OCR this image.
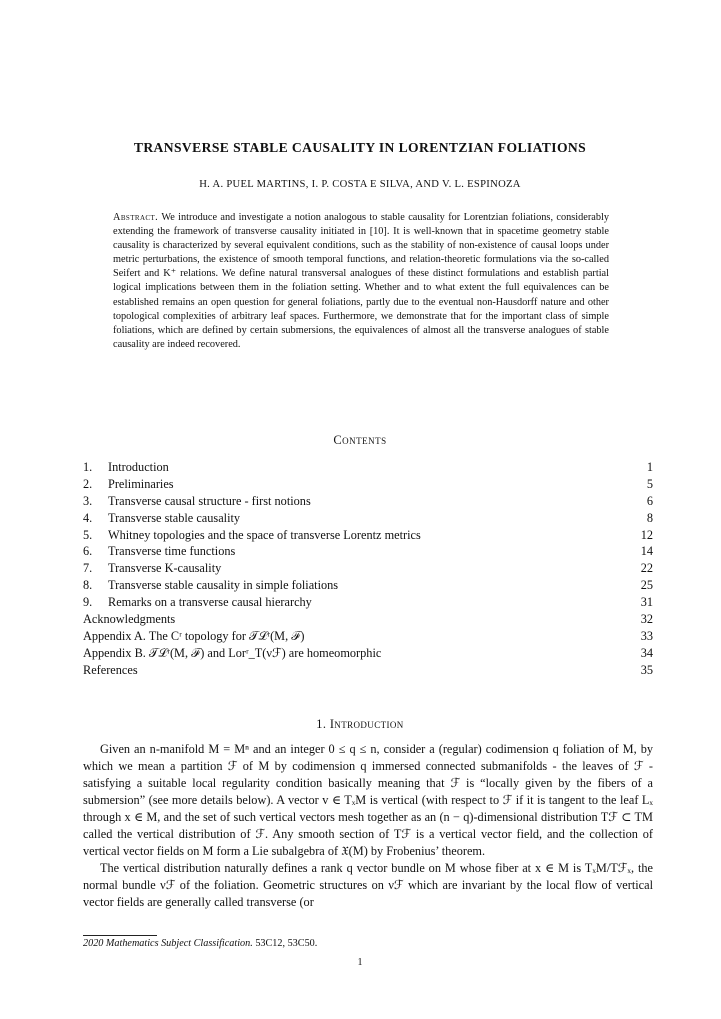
TRANSVERSE STABLE CAUSALITY IN LORENTZIAN FOLIATIONS
H. A. PUEL MARTINS, I. P. COSTA E SILVA, AND V. L. ESPINOZA
Abstract. We introduce and investigate a notion analogous to stable causality for Lorentzian foliations, considerably extending the framework of transverse causality initiated in [10]. It is well-known that in spacetime geometry stable causality is characterized by several equivalent conditions, such as the stability of non-existence of causal loops under metric perturbations, the existence of smooth temporal functions, and relation-theoretic formulations via the so-called Seifert and K⁺ relations. We define natural transversal analogues of these distinct formulations and establish partial logical implications between them in the foliation setting. Whether and to what extent the full equivalences can be established remains an open question for general foliations, partly due to the eventual non-Hausdorff nature and other topological complexities of arbitrary leaf spaces. Furthermore, we demonstrate that for the important class of simple foliations, which are defined by certain submersions, the equivalences of almost all the transverse analogues of stable causality are indeed recovered.
Contents
1. Introduction	1
2. Preliminaries	5
3. Transverse causal structure - first notions	6
4. Transverse stable causality	8
5. Whitney topologies and the space of transverse Lorentz metrics	12
6. Transverse time functions	14
7. Transverse K-causality	22
8. Transverse stable causality in simple foliations	25
9. Remarks on a transverse causal hierarchy	31
Acknowledgments	32
Appendix A. The Cʳ topology for 𝒯ℒʳ(M, ℱ)	33
Appendix B. 𝒯ℒʳ(M, ℱ) and Lorʳ_T(νℱ) are homeomorphic	34
References	35
1. Introduction

Given an n-manifold M = Mⁿ and an integer 0 ≤ q ≤ n, consider a (regular) codimension q foliation of M, by which we mean a partition ℱ of M by codimension q immersed connected submanifolds - the leaves of ℱ - satisfying a suitable local regularity condition basically meaning that ℱ is “locally given by the fibers of a submersion” (see more details below). A vector v ∈ TₓM is vertical (with respect to ℱ if it is tangent to the leaf Lₓ through x ∈ M, and the set of such vertical vectors mesh together as an (n − q)-dimensional distribution Tℱ ⊂ TM called the vertical distribution of ℱ. Any smooth section of Tℱ is a vertical vector field, and the collection of vertical vector fields on M form a Lie subalgebra of 𝔛(M) by Frobenius’ theorem.

The vertical distribution naturally defines a rank q vector bundle on M whose fiber at x ∈ M is TₓM/Tℱₓ, the normal bundle νℱ of the foliation. Geometric structures on νℱ which are invariant by the local flow of vertical vector fields are generally called transverse (or

2020 Mathematics Subject Classification. 53C12, 53C50.
1
